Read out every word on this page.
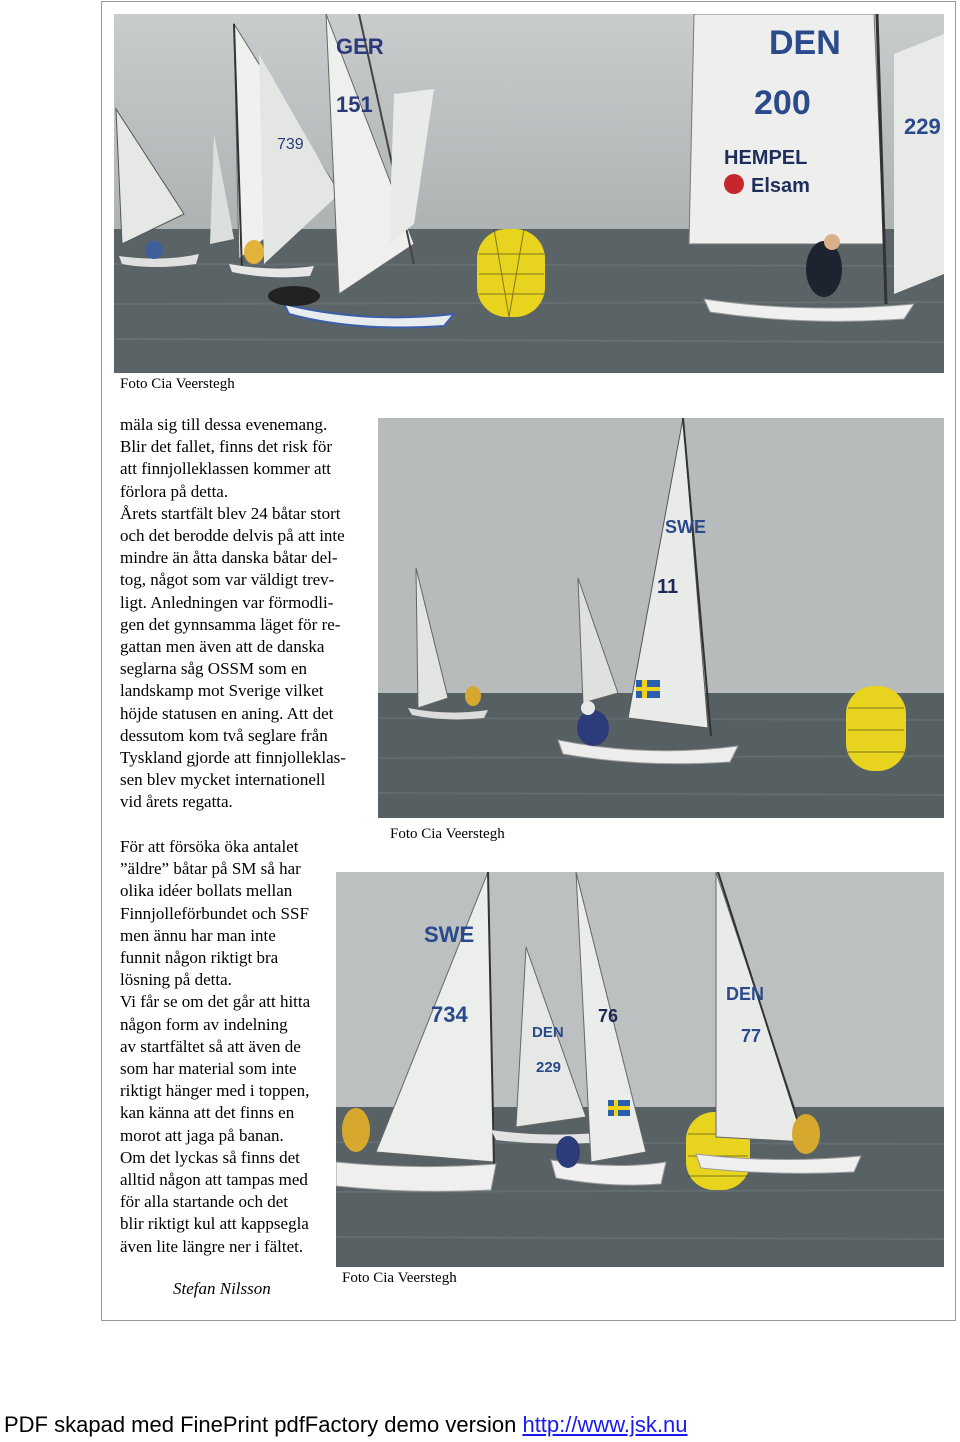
GER
151
739
DEN
200
HEMPEL
Elsam
229
Foto Cia Veerstegh

mäla sig till dessa evenemang.
Blir det fallet, finns det risk för
att finnjolleklassen kommer att
förlora på detta.
Årets startfält blev 24 båtar stort
och det berodde delvis på att inte
mindre än åtta danska båtar del-
tog, något som var väldigt trev-
ligt. Anledningen var förmodli-
gen det gynnsamma läget för re-
gattan men även att de danska
seglarna såg OSSM som en
landskamp mot Sverige vilket
höjde statusen en aning. Att det
dessutom kom två seglare från
Tyskland gjorde att finnjolleklas-
sen blev mycket internationell
vid årets regatta.

SWE
11
Foto Cia Veerstegh

För att försöka öka antalet
”äldre” båtar på SM så har
olika idéer bollats mellan
Finnjolleförbundet och SSF
men ännu har man inte
funnit någon riktigt bra
lösning på detta.
Vi får se om det går att hitta
någon form av indelning
av startfältet så att även de
som har material som inte
riktigt hänger med i toppen,
kan känna att det finns en
morot att jaga på banan.
Om det lyckas så finns det
alltid någon att tampas med
för alla startande och det
blir riktigt kul att kappsegla
även lite längre ner i fältet.

SWE
734
DEN
229
76
DEN
77
Foto Cia Veerstegh
Stefan Nilsson
PDF skapad med FinePrint pdfFactory demo version http://www.jsk.nu
